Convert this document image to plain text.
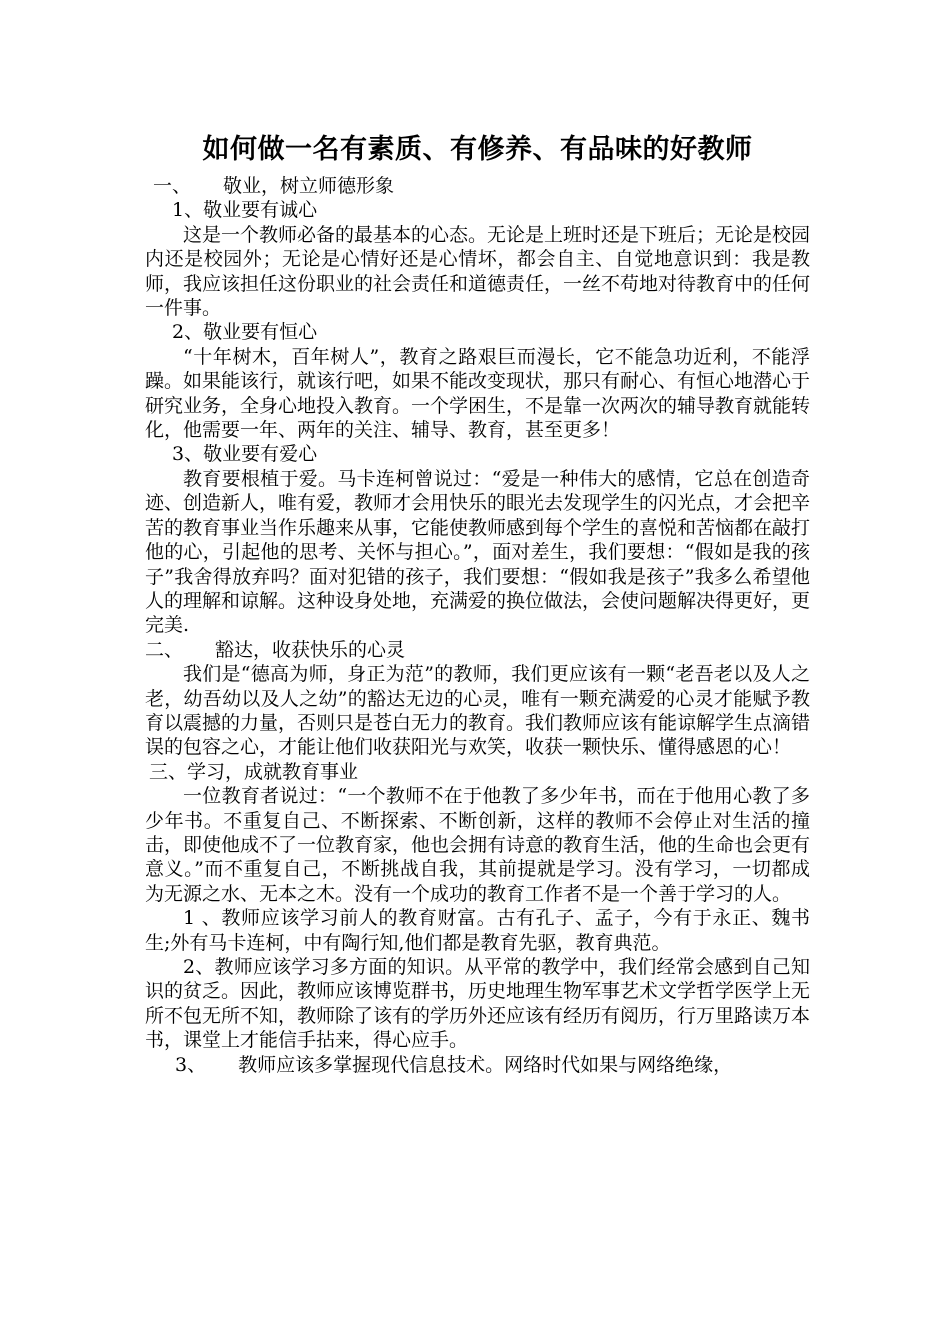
如何做一名有素质、有修养、有品味的好教师

一、 敬业，树立师德形象

1、敬业要有诚心

这是一个教师必备的最基本的心态。无论是上班时还是下班后；无论是校园内还是校园外；无论是心情好还是心情坏，都会自主、自觉地意识到：我是教师，我应该担任这份职业的社会责任和道德责任，一丝不苟地对待教育中的任何一件事。

2、敬业要有恒心

“十年树木，百年树人”，教育之路艰巨而漫长，它不能急功近利，不能浮躁。如果能该行，就该行吧，如果不能改变现状，那只有耐心、有恒心地潜心于研究业务，全身心地投入教育。一个学困生，不是靠一次两次的辅导教育就能转化，他需要一年、两年的关注、辅导、教育，甚至更多！

3、敬业要有爱心

教育要根植于爱。马卡连柯曾说过：“爱是一种伟大的感情，它总在创造奇迹、创造新人，唯有爱，教师才会用快乐的眼光去发现学生的闪光点，才会把辛苦的教育事业当作乐趣来从事，它能使教师感到每个学生的喜悦和苦恼都在敲打他的心，引起他的思考、关怀与担心。”，面对差生，我们要想：“假如是我的孩子”我舍得放弃吗？面对犯错的孩子，我们要想：“假如我是孩子”我多么希望他人的理解和谅解。这种设身处地，充满爱的换位做法，会使问题解决得更好，更完美.

二、 豁达，收获快乐的心灵

我们是“德高为师，身正为范”的教师，我们更应该有一颗“老吾老以及人之老，幼吾幼以及人之幼”的豁达无边的心灵，唯有一颗充满爱的心灵才能赋予教育以震撼的力量，否则只是苍白无力的教育。我们教师应该有能谅解学生点滴错误的包容之心，才能让他们收获阳光与欢笑，收获一颗快乐、懂得感恩的心！

三、学习，成就教育事业

一位教育者说过：“一个教师不在于他教了多少年书，而在于他用心教了多少年书。不重复自己、不断探索、不断创新，这样的教师不会停止对生活的撞击，即使他成不了一位教育家，他也会拥有诗意的教育生活，他的生命也会更有意义。”而不重复自己，不断挑战自我，其前提就是学习。没有学习，一切都成为无源之水、无本之木。没有一个成功的教育工作者不是一个善于学习的人。

1 、教师应该学习前人的教育财富。古有孔子、孟子，今有于永正、魏书生;外有马卡连柯，中有陶行知,他们都是教育先驱，教育典范。

2、教师应该学习多方面的知识。从平常的教学中，我们经常会感到自己知识的贫乏。因此，教师应该博览群书，历史地理生物军事艺术文学哲学医学上无所不包无所不知，教师除了该有的学历外还应该有经历有阅历，行万里路读万本书，课堂上才能信手拈来，得心应手。

3、 教师应该多掌握现代信息技术。网络时代如果与网络绝缘，
